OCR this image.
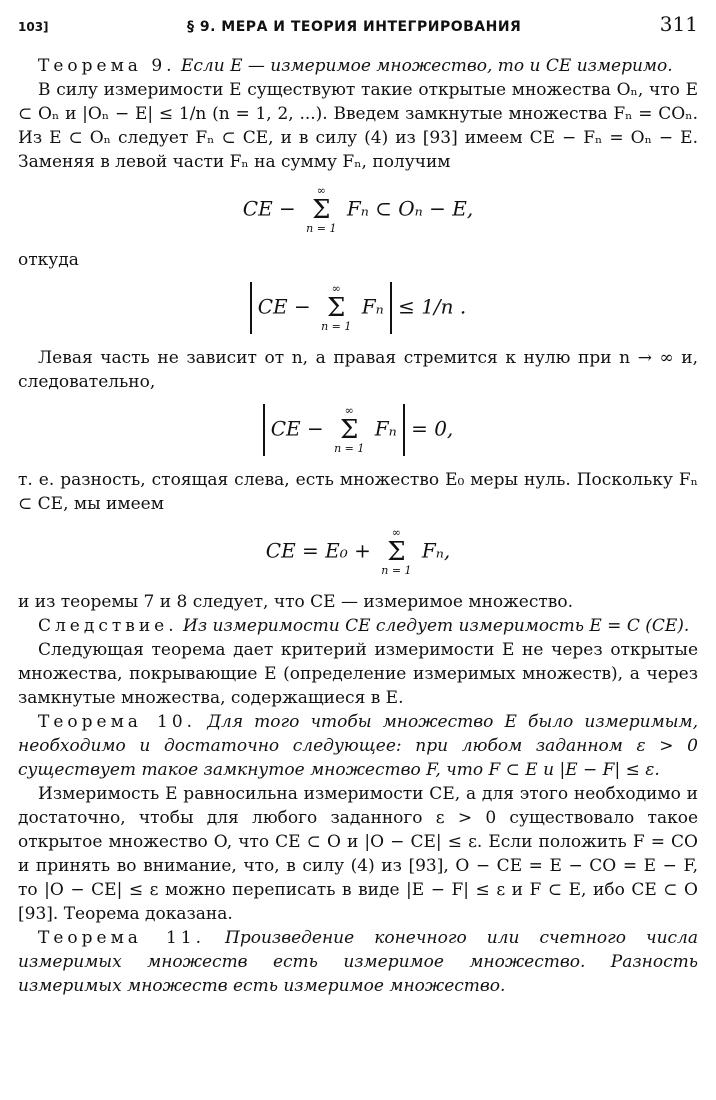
103]	§ 9. МЕРА И ТЕОРИЯ ИНТЕГРИРОВАНИЯ	311

Теорема 9. Если E — измеримое множество, то и CE измеримо.

В силу измеримости E существуют такие открытые множества Oₙ, что E ⊂ Oₙ и |Oₙ − E| ≤ 1/n (n = 1, 2, ...). Введем замкнутые множества Fₙ = COₙ. Из E ⊂ Oₙ следует Fₙ ⊂ CE, и в силу (4) из [93] имеем CE − Fₙ = Oₙ − E. Заменяя в левой части Fₙ на сумму Fₙ, получим

CE −
∞
Σ
n = 1
Fₙ ⊂ Oₙ − E,

откуда

CE −
∞
Σ
n = 1
Fₙ ≤ 1/n .

Левая часть не зависит от n, а правая стремится к нулю при n → ∞ и, следовательно,

CE −
∞
Σ
n = 1
Fₙ = 0,

т. е. разность, стоящая слева, есть множество E₀ меры нуль. Поскольку Fₙ ⊂ CE, мы имеем

CE = E₀ +
∞
Σ
n = 1
Fₙ,

и из теоремы 7 и 8 следует, что CE — измеримое множество.

Следствие. Из измеримости CE следует измеримость E = C (CE).

Следующая теорема дает критерий измеримости E не через открытые множества, покрывающие E (определение измеримых множеств), а через замкнутые множества, содержащиеся в E.

Теорема 10. Для того чтобы множество E было измеримым, необходимо и достаточно следующее: при любом заданном ε > 0 существует такое замкнутое множество F, что F ⊂ E и |E − F| ≤ ε.

Измеримость E равносильна измеримости CE, а для этого необходимо и достаточно, чтобы для любого заданного ε > 0 существовало такое открытое множество O, что CE ⊂ O и |O − CE| ≤ ε. Если положить F = CO и принять во внимание, что, в силу (4) из [93], O − CE = E − CO = E − F, то |O − CE| ≤ ε можно переписать в виде |E − F| ≤ ε и F ⊂ E, ибо CE ⊂ O [93]. Теорема доказана.

Теорема 11. Произведение конечного или счетного числа измеримых множеств есть измеримое множество. Разность измеримых множеств есть измеримое множество.
